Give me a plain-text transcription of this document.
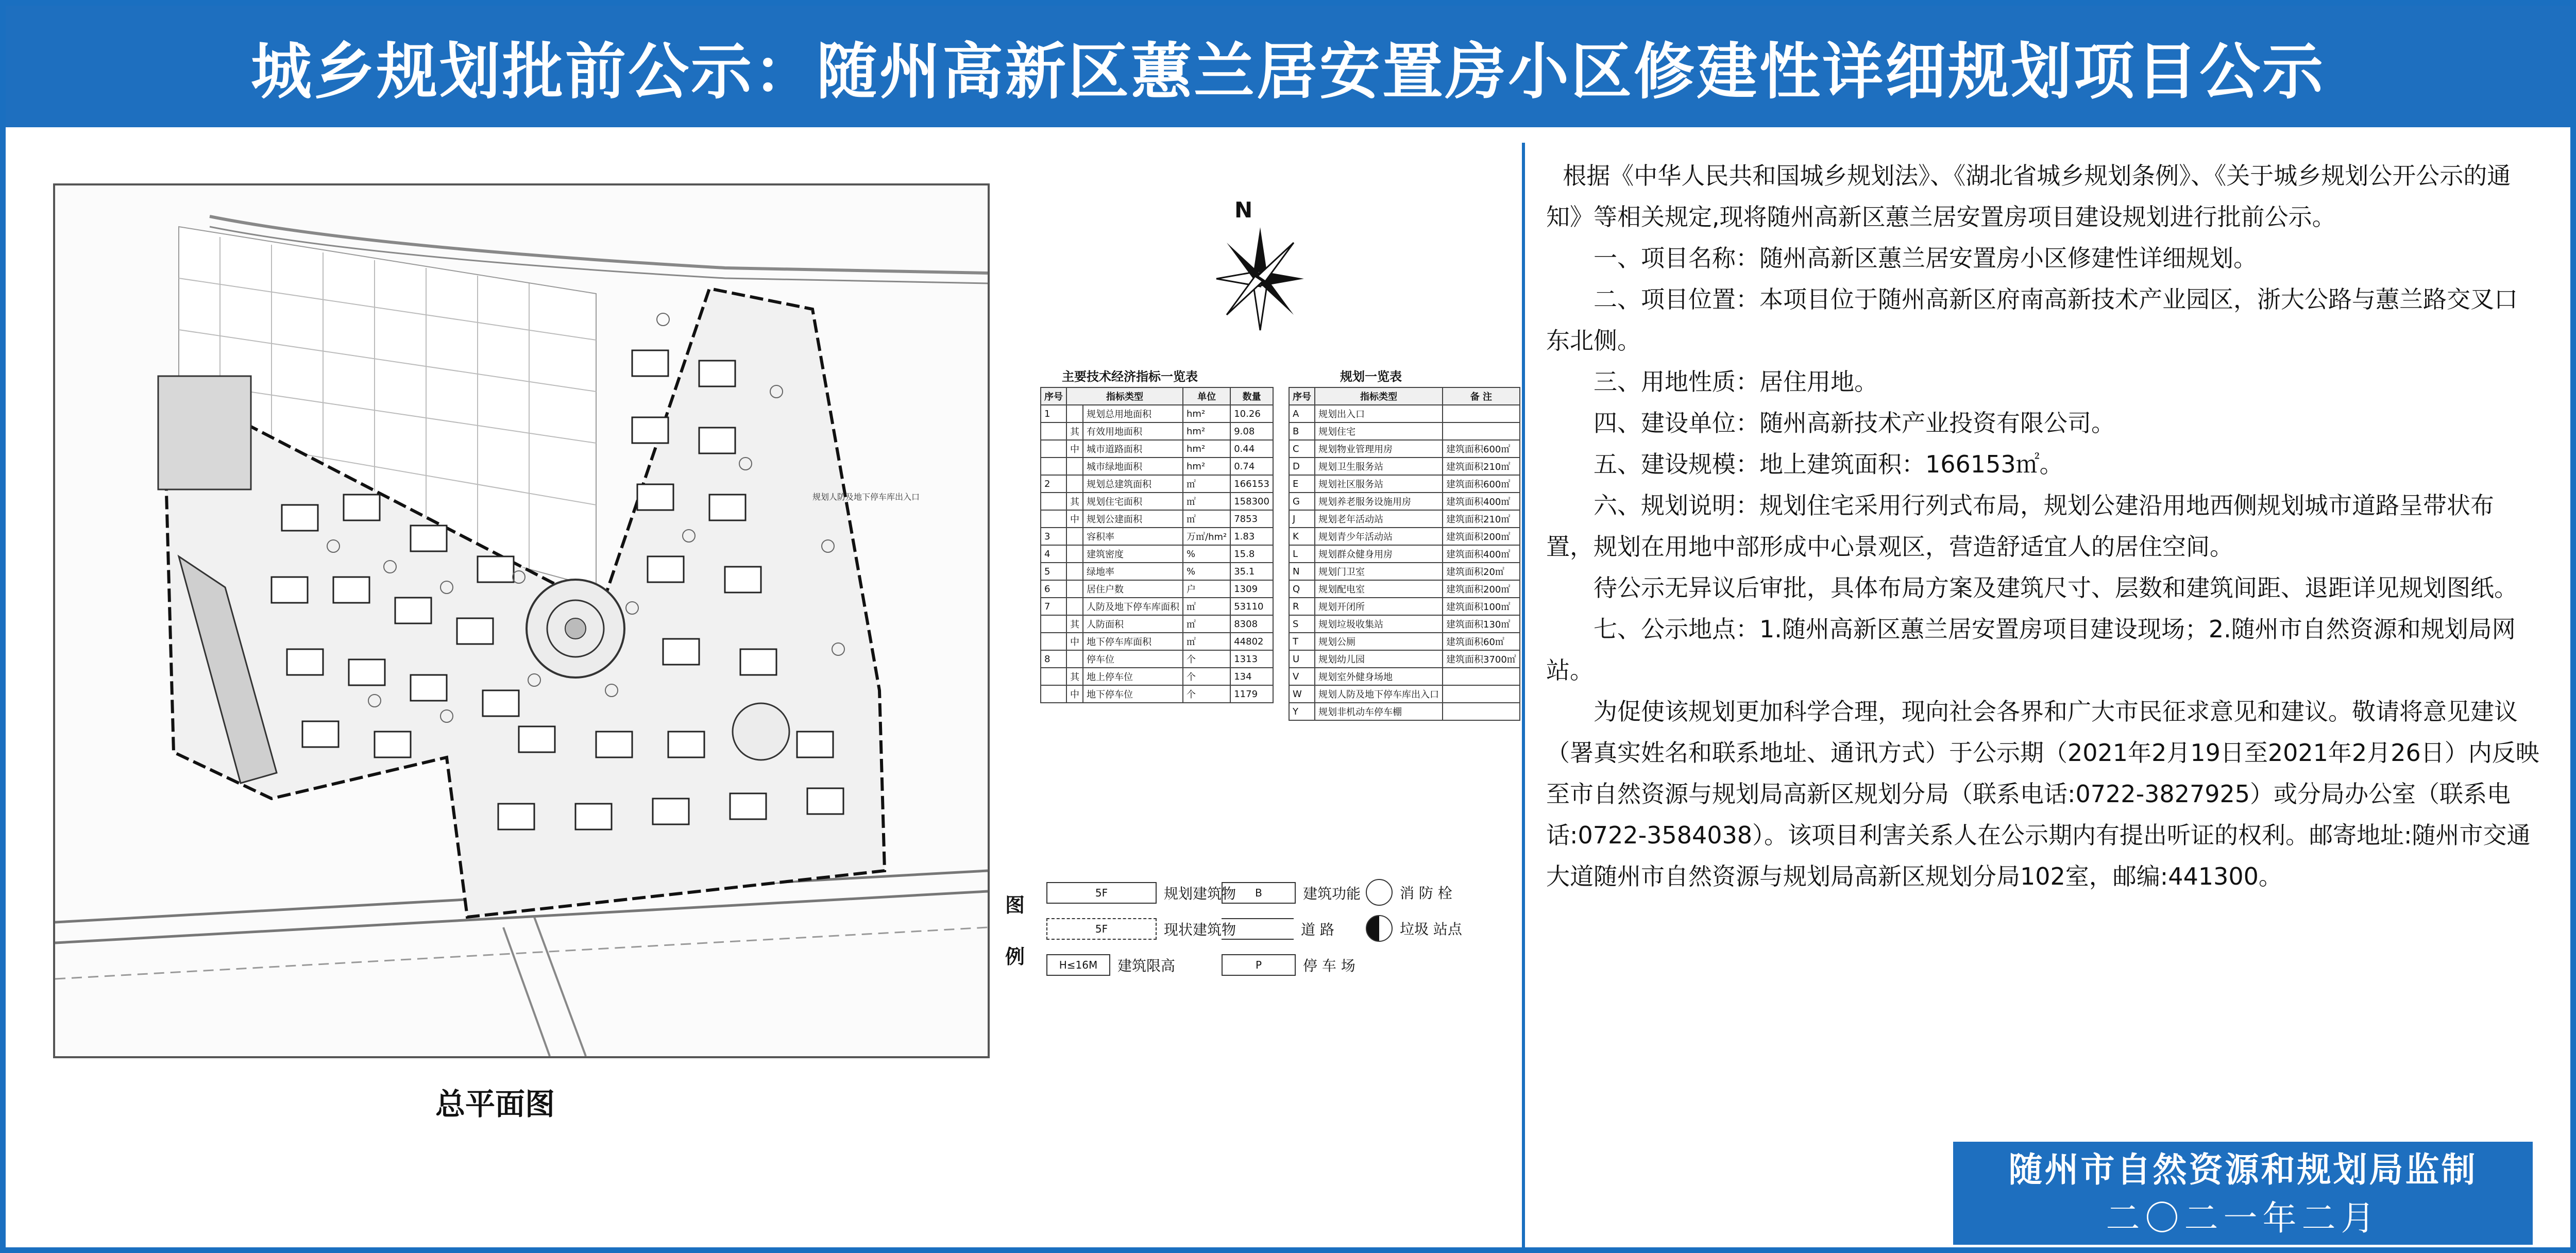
城乡规划批前公示：随州高新区蕙兰居安置房小区修建性详细规划项目公示
规划人防及地下停车库出入口
总平面图
N
主要技术经济指标一览表
序号	指标类型		单位	数量
1		规划总用地面积	hm²	10.26
	其	有效用地面积	hm²	9.08
	中	城市道路面积	hm²	0.44
		城市绿地面积	hm²	0.74
2		规划总建筑面积	㎡	166153
	其	规划住宅面积	㎡	158300
	中	规划公建面积	㎡	7853
3		容积率	万㎡/hm²	1.83
4		建筑密度	%	15.8
5		绿地率	%	35.1
6		居住户数	户	1309
7		人防及地下停车库面积	㎡	53110
	其	人防面积	㎡	8308
	中	地下停车库面积	㎡	44802
8		停车位	个	1313
	其	地上停车位	个	134
	中	地下停车位	个	1179
规划一览表
序号	指标类型	备 注
A	规划出入口	
B	规划住宅	
C	规划物业管理用房	建筑面积600㎡
D	规划卫生服务站	建筑面积210㎡
E	规划社区服务站	建筑面积600㎡
G	规划养老服务设施用房	建筑面积400㎡
J	规划老年活动站	建筑面积210㎡
K	规划青少年活动站	建筑面积200㎡
L	规划群众健身用房	建筑面积400㎡
N	规划门卫室	建筑面积20㎡
Q	规划配电室	建筑面积200㎡
R	规划开闭所	建筑面积100㎡
S	规划垃圾收集站	建筑面积130㎡
T	规划公厕	建筑面积60㎡
U	规划幼儿园	建筑面积3700㎡
V	规划室外健身场地	
W	规划人防及地下停车库出入口	
Y	规划非机动车停车棚	
图
例
5F	规划建筑物	B	建筑功能	消 防 栓
5F	现状建筑物	道 路	垃圾 站点
H≤16M	建筑限高	P	停 车 场

根据《中华人民共和国城乡规划法》、《湖北省城乡规划条例》、《关于城乡规划公开公示的通知》等相关规定,现将随州高新区蕙兰居安置房项目建设规划进行批前公示。

一、项目名称：随州高新区蕙兰居安置房小区修建性详细规划。

二、项目位置：本项目位于随州高新区府南高新技术产业园区，浙大公路与蕙兰路交叉口东北侧。

三、用地性质：居住用地。

四、建设单位：随州高新技术产业投资有限公司。

五、建设规模：地上建筑面积：166153㎡。

六、规划说明：规划住宅采用行列式布局，规划公建沿用地西侧规划城市道路呈带状布置，规划在用地中部形成中心景观区，营造舒适宜人的居住空间。

待公示无异议后审批，具体布局方案及建筑尺寸、层数和建筑间距、退距详见规划图纸。

七、公示地点：1.随州高新区蕙兰居安置房项目建设现场；2.随州市自然资源和规划局网站。

为促使该规划更加科学合理，现向社会各界和广大市民征求意见和建议。敬请将意见建议（署真实姓名和联系地址、通讯方式）于公示期（2021年2月19日至2021年2月26日）内反映至市自然资源与规划局高新区规划分局（联系电话:0722-3827925）或分局办公室（联系电话:0722-3584038）。该项目利害关系人在公示期内有提出听证的权利。邮寄地址:随州市交通大道随州市自然资源与规划局高新区规划分局102室，邮编:441300。

随州市自然资源和规划局监制
二〇二一年二月
